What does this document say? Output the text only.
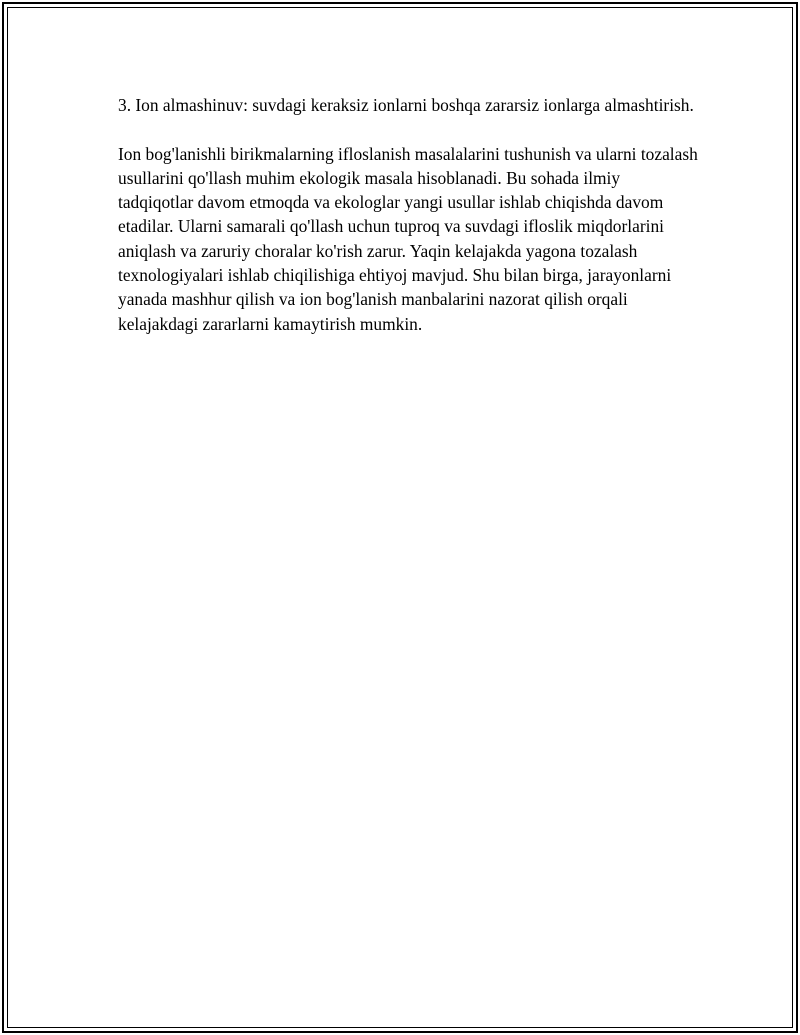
3. Ion almashinuv: suvdagi keraksiz ionlarni boshqa zararsiz ionlarga almashtirish.

Ion bog'lanishli birikmalarning ifloslanish masalalarini tushunish va ularni tozalash usullarini qo'llash muhim ekologik masala hisoblanadi. Bu sohada ilmiy tadqiqotlar davom etmoqda va ekologlar yangi usullar ishlab chiqishda davom etadilar. Ularni samarali qo'llash uchun tuproq va suvdagi ifloslik miqdorlarini aniqlash va zaruriy choralar ko'rish zarur. Yaqin kelajakda yagona tozalash texnologiyalari ishlab chiqilishiga ehtiyoj mavjud. Shu bilan birga, jarayonlarni yanada mashhur qilish va ion bog'lanish manbalarini nazorat qilish orqali kelajakdagi zararlarni kamaytirish mumkin.
